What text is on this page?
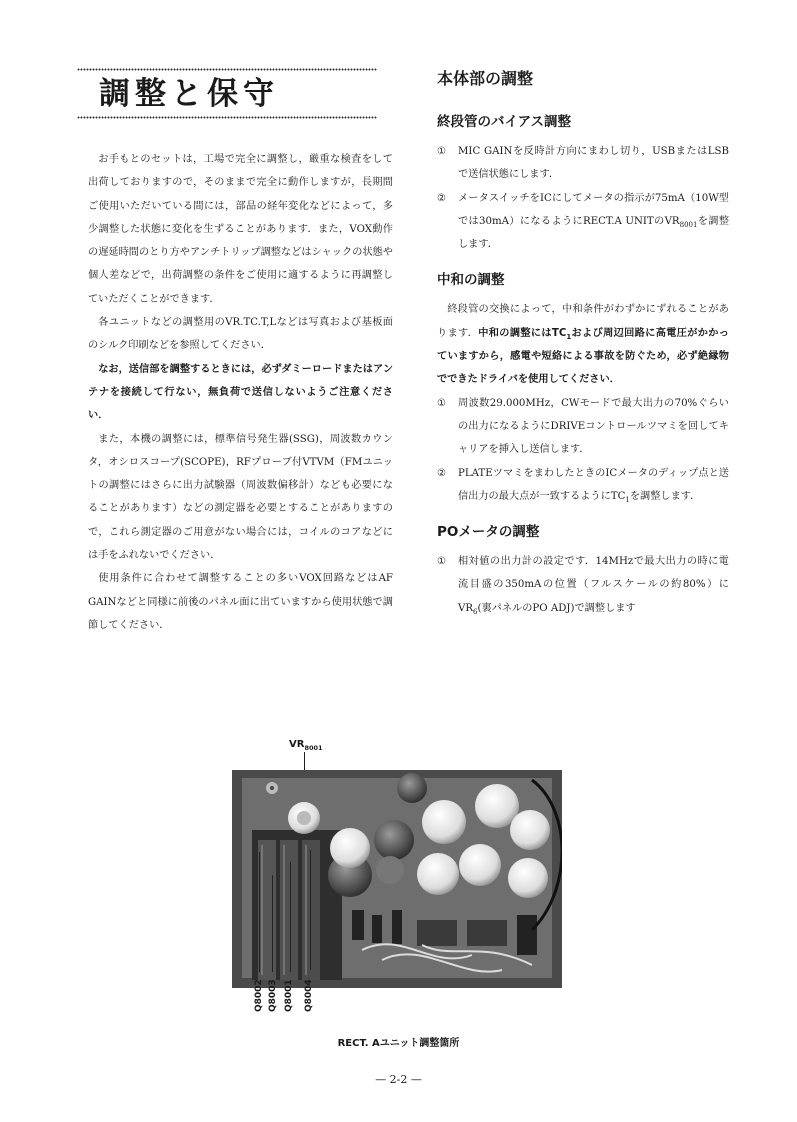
調整と保守

お手もとのセットは，工場で完全に調整し，厳重な検査をして出荷しておりますので，そのままで完全に動作しますが，長期間ご使用いただいている間には，部品の経年変化などによって，多少調整した状態に変化を生ずることがあります．また，VOX動作の遅延時間のとり方やアンチトリップ調整などはシャックの状態や個人差などで，出荷調整の条件をご使用に適するように再調整していただくことができます．

各ユニットなどの調整用のVR.TC.T,Lなどは写真および基板面のシルク印刷などを参照してください．

なお，送信部を調整するときには，必ずダミーロードまたはアンテナを接続して行ない，無負荷で送信しないようご注意ください．

また，本機の調整には，標準信号発生器(SSG)，周波数カウンタ，オシロスコープ(SCOPE)，RFプローブ付VTVM（FMユニットの調整にはさらに出力試験器（周波数偏移計）なども必要になることがあります）などの測定器を必要とすることがありますので，これら測定器のご用意がない場合には，コイルのコアなどには手をふれないでください．

使用条件に合わせて調整することの多いVOX回路などはAF GAINなどと同様に前後のパネル面に出ていますから使用状態で調節してください．

本体部の調整
終段管のバイアス調整
① MIC GAINを反時計方向にまわし切り，USBまたはLSBで送信状態にします．
② メータスイッチをICにしてメータの指示が75mA（10W型では30mA）になるようにRECT.A UNITの$VR_{8001}$を調整します．
中和の調整

終段管の交換によって，中和条件がわずかにずれることがあります．中和の調整には$TC_1$および周辺回路に高電圧がかかっていますから，感電や短絡による事故を防ぐため，必ず絶縁物でできたドライバを使用してください．

① 周波数29.000MHz，CWモードで最大出力の70%ぐらいの出力になるようにDRIVEコントロールツマミを回してキャリアを挿入し送信します．
② PLATEツマミをまわしたときのICメータのディップ点と送信出力の最大点が一致するように$TC_1$を調整します．
POメータの調整
① 相対値の出力計の設定です．14MHzで最大出力の時に電流目盛の350mAの位置（フルスケールの約80%）に$VR_6$(裏パネルのPO ADJ)で調整します
$VR_{8001}$
Q8002 Q8003 Q8001 Q8004
RECT. Aユニット調整箇所
— 2-2 —
